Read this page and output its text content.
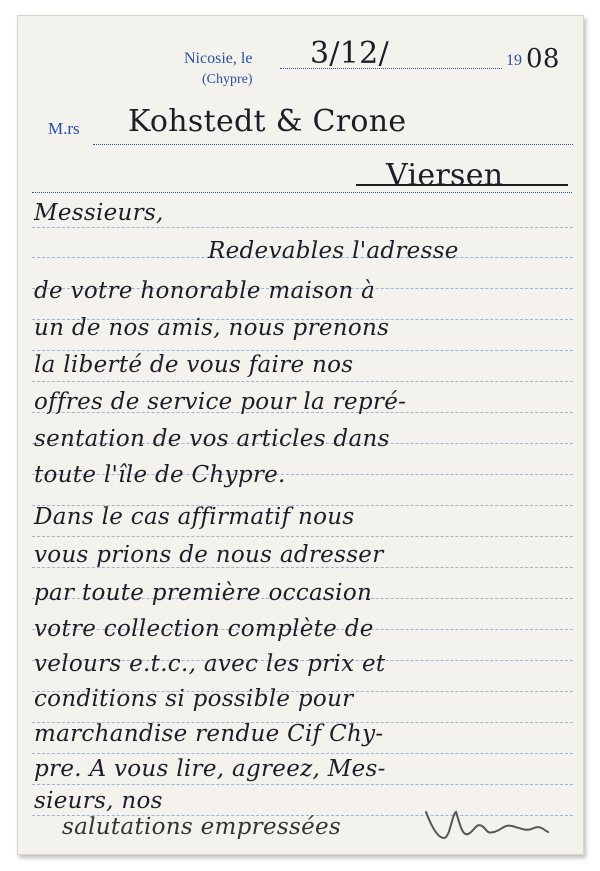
Nicosie, le
(Chypre)
3/12/	19 08
M.rs Kohstedt & Crone
Viersen
Messieurs,
Redevables l'adresse
de votre honorable maison à
un de nos amis, nous prenons
la liberté de vous faire nos
offres de service pour la repré-
sentation de vos articles dans
toute l'île de Chypre.
Dans le cas affirmatif nous
vous prions de nous adresser
par toute première occasion
votre collection complète de
velours e.t.c., avec les prix et
conditions si possible pour
marchandise rendue Cif Chy-
pre. A vous lire, agreez, Mes-
sieurs, nos
salutations empressées
